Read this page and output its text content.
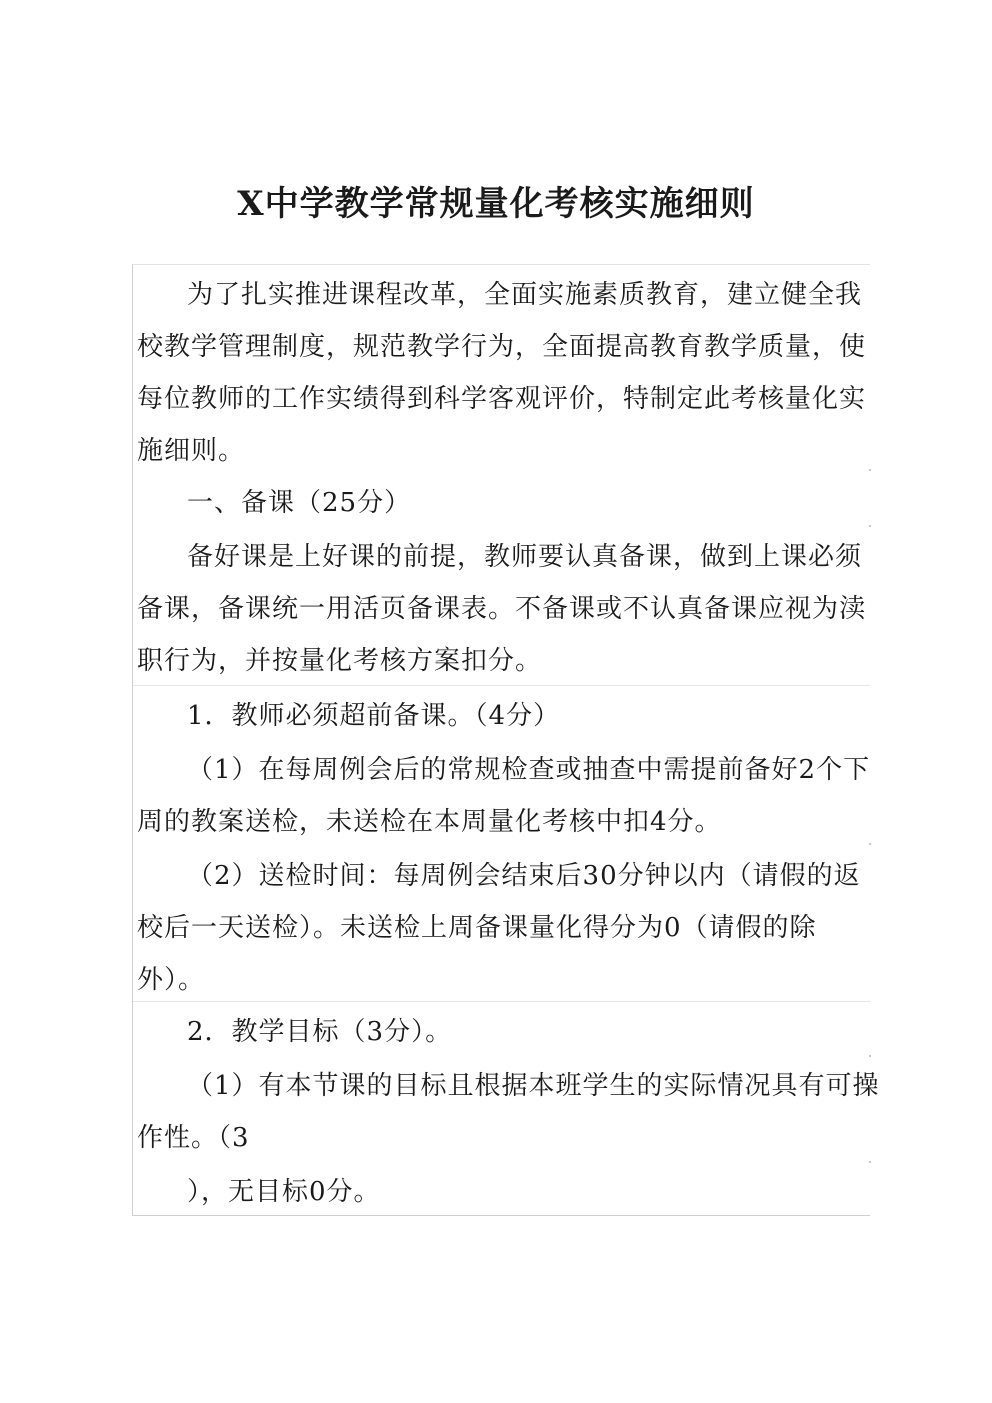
X中学教学常规量化考核实施细则
为了扎实推进课程改革，全面实施素质教育，建立健全我
校教学管理制度，规范教学行为，全面提高教育教学质量，使
每位教师的工作实绩得到科学客观评价，特制定此考核量化实
施细则。
一、备课（25分）
备好课是上好课的前提，教师要认真备课，做到上课必须
备课，备课统一用活页备课表。不备课或不认真备课应视为渎
职行为，并按量化考核方案扣分。
1．教师必须超前备课。（4分）
（1）在每周例会后的常规检查或抽查中需提前备好2个下
周的教案送检，未送检在本周量化考核中扣4分。
（2）送检时间：每周例会结束后30分钟以内（请假的返
校后一天送检）。未送检上周备课量化得分为0（请假的除
外）。
2．教学目标（3分）。
（1）有本节课的目标且根据本班学生的实际情况具有可操
作性。（3
），无目标0分。
